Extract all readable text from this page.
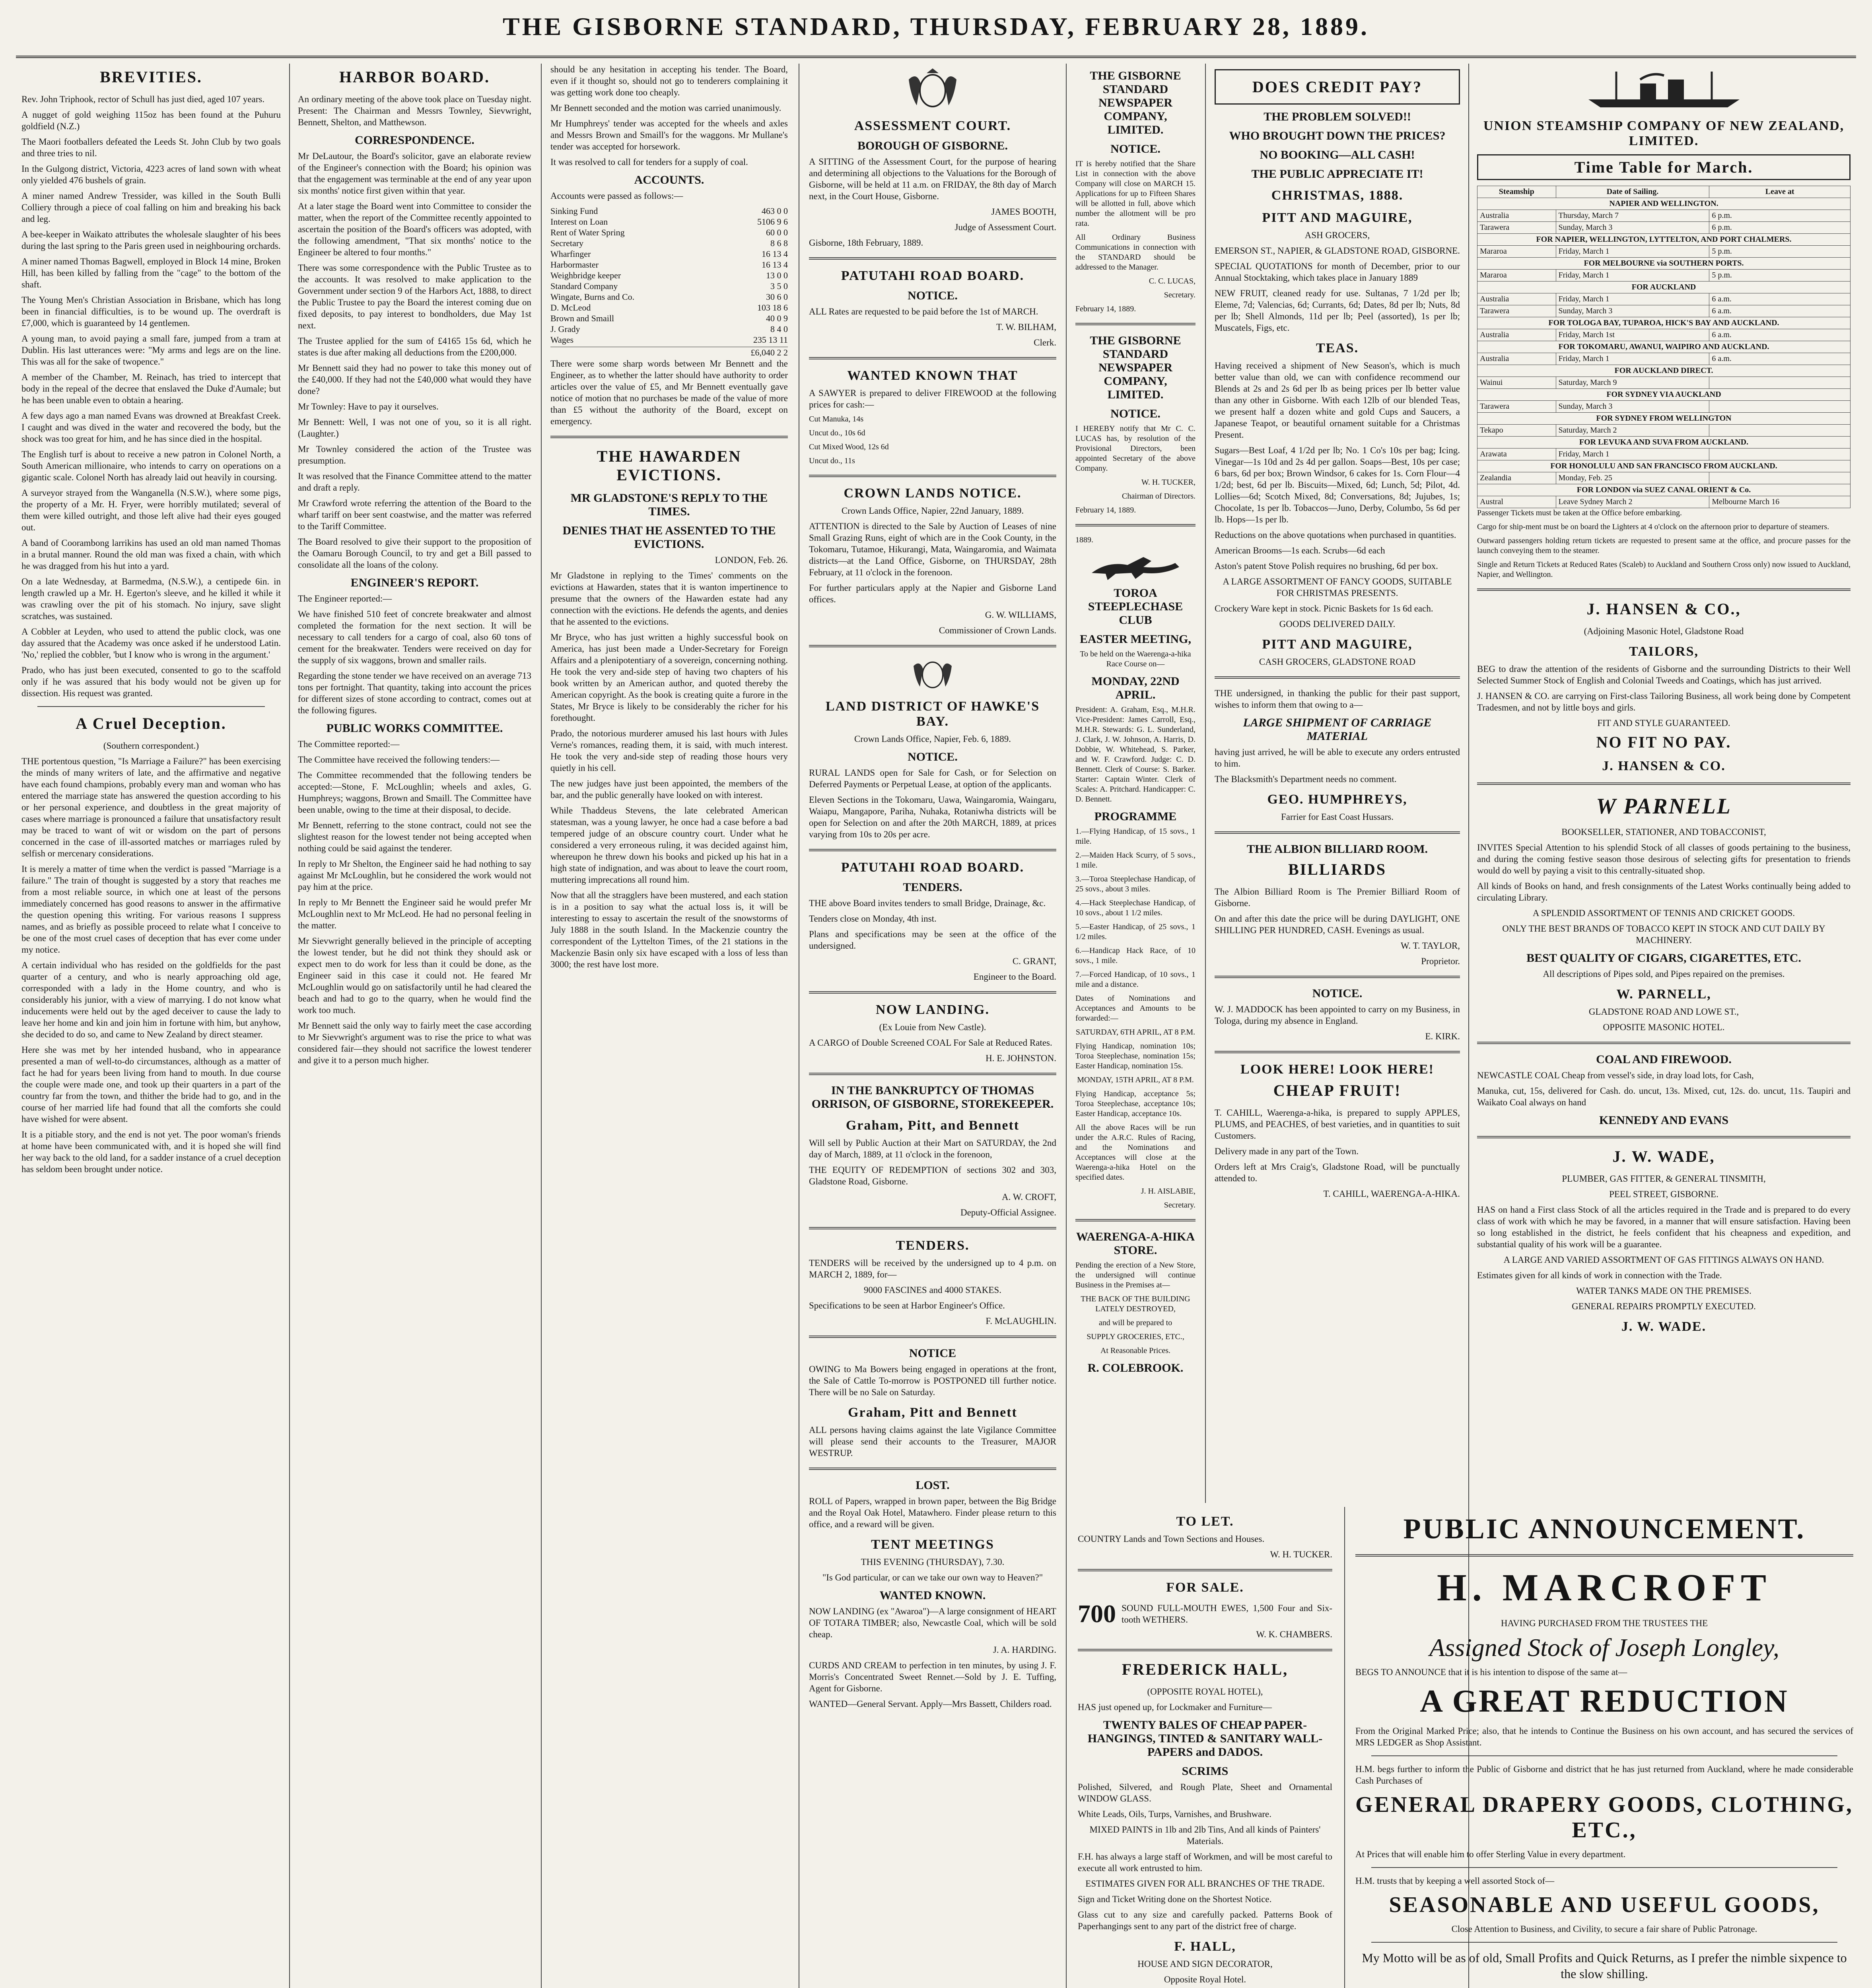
THE GISBORNE STANDARD, THURSDAY, FEBRUARY 28, 1889.
BREVITIES.

Rev. John Triphook, rector of Schull has just died, aged 107 years.

A nugget of gold weighing 115oz has been found at the Puhuru goldfield (N.Z.)

The Maori footballers defeated the Leeds St. John Club by two goals and three tries to nil.

In the Gulgong district, Victoria, 4223 acres of land sown with wheat only yielded 476 bushels of grain.

A miner named Andrew Tressider, was killed in the South Bulli Colliery through a piece of coal falling on him and breaking his back and leg.

A bee-keeper in Waikato attributes the wholesale slaughter of his bees during the last spring to the Paris green used in neighbouring orchards.

A miner named Thomas Bagwell, employed in Block 14 mine, Broken Hill, has been killed by falling from the "cage" to the bottom of the shaft.

The Young Men's Christian Association in Brisbane, which has long been in financial difficulties, is to be wound up. The overdraft is £7,000, which is guaranteed by 14 gentlemen.

A young man, to avoid paying a small fare, jumped from a tram at Dublin. His last utterances were: "My arms and legs are on the line. This was all for the sake of twopence."

A member of the Chamber, M. Reinach, has tried to intercept that body in the repeal of the decree that enslaved the Duke d'Aumale; but he has been unable even to obtain a hearing.

A few days ago a man named Evans was drowned at Breakfast Creek. I caught and was dived in the water and recovered the body, but the shock was too great for him, and he has since died in the hospital.

The English turf is about to receive a new patron in Colonel North, a South American millionaire, who intends to carry on operations on a gigantic scale. Colonel North has already laid out heavily in coursing.

A surveyor strayed from the Wanganella (N.S.W.), where some pigs, the property of a Mr. H. Fryer, were horribly mutilated; several of them were killed outright, and those left alive had their eyes gouged out.

A band of Coorambong larrikins has used an old man named Thomas in a brutal manner. Round the old man was fixed a chain, with which he was dragged from his hut into a yard.

On a late Wednesday, at Barmedma, (N.S.W.), a centipede 6in. in length crawled up a Mr. H. Egerton's sleeve, and he killed it while it was crawling over the pit of his stomach. No injury, save slight scratches, was sustained.

A Cobbler at Leyden, who used to attend the public clock, was one day assured that the Academy was once asked if he understood Latin. 'No,' replied the cobbler, 'but I know who is wrong in the argument.'

Prado, who has just been executed, consented to go to the scaffold only if he was assured that his body would not be given up for dissection. His request was granted.

A Cruel Deception.

(Southern correspondent.)

THE portentous question, "Is Marriage a Failure?" has been exercising the minds of many writers of late, and the affirmative and negative have each found champions, probably every man and woman who has entered the marriage state has answered the question according to his or her personal experience, and doubtless in the great majority of cases where marriage is pronounced a failure that unsatisfactory result may be traced to want of wit or wisdom on the part of persons concerned in the case of ill-assorted matches or marriages ruled by selfish or mercenary considerations.

It is merely a matter of time when the verdict is passed "Marriage is a failure." The train of thought is suggested by a story that reaches me from a most reliable source, in which one at least of the persons immediately concerned has good reasons to answer in the affirmative the question opening this writing. For various reasons I suppress names, and as briefly as possible proceed to relate what I conceive to be one of the most cruel cases of deception that has ever come under my notice.

A certain individual who has resided on the goldfields for the past quarter of a century, and who is nearly approaching old age, corresponded with a lady in the Home country, and who is considerably his junior, with a view of marrying. I do not know what inducements were held out by the aged deceiver to cause the lady to leave her home and kin and join him in fortune with him, but anyhow, she decided to do so, and came to New Zealand by direct steamer.

Here she was met by her intended husband, who in appearance presented a man of well-to-do circumstances, although as a matter of fact he had for years been living from hand to mouth. In due course the couple were made one, and took up their quarters in a part of the country far from the town, and thither the bride had to go, and in the course of her married life had found that all the comforts she could have wished for were absent.

It is a pitiable story, and the end is not yet. The poor woman's friends at home have been communicated with, and it is hoped she will find her way back to the old land, for a sadder instance of a cruel deception has seldom been brought under notice.

HARBOR BOARD.

An ordinary meeting of the above took place on Tuesday night. Present: The Chairman and Messrs Townley, Sievwright, Bennett, Shelton, and Matthewson.

CORRESPONDENCE.

Mr DeLautour, the Board's solicitor, gave an elaborate review of the Engineer's connection with the Board; his opinion was that the engagement was terminable at the end of any year upon six months' notice first given within that year.

At a later stage the Board went into Committee to consider the matter, when the report of the Committee recently appointed to ascertain the position of the Board's officers was adopted, with the following amendment, "That six months' notice to the Engineer be altered to four months."

There was some correspondence with the Public Trustee as to the accounts. It was resolved to make application to the Government under section 9 of the Harbors Act, 1888, to direct the Public Trustee to pay the Board the interest coming due on fixed deposits, to pay interest to bondholders, due May 1st next.

The Trustee applied for the sum of £4165 15s 6d, which he states is due after making all deductions from the £200,000.

Mr Bennett said they had no power to take this money out of the £40,000. If they had not the £40,000 what would they have done?

Mr Townley: Have to pay it ourselves.

Mr Bennett: Well, I was not one of you, so it is all right. (Laughter.)

Mr Townley considered the action of the Trustee was presumption.

It was resolved that the Finance Committee attend to the matter and draft a reply.

Mr Crawford wrote referring the attention of the Board to the wharf tariff on beer sent coastwise, and the matter was referred to the Tariff Committee.

The Board resolved to give their support to the proposition of the Oamaru Borough Council, to try and get a Bill passed to consolidate all the loans of the colony.

ENGINEER'S REPORT.

The Engineer reported:—

We have finished 510 feet of concrete breakwater and almost completed the formation for the next section. It will be necessary to call tenders for a cargo of coal, also 60 tons of cement for the breakwater. Tenders were received on day for the supply of six waggons, brown and smaller rails.

Regarding the stone tender we have received on an average 713 tons per fortnight. That quantity, taking into account the prices for different sizes of stone according to contract, comes out at the following figures.

PUBLIC WORKS COMMITTEE.

The Committee reported:—

The Committee have received the following tenders:—

The Committee recommended that the following tenders be accepted:—Stone, F. McLoughlin; wheels and axles, G. Humphreys; waggons, Brown and Smaill. The Committee have been unable, owing to the time at their disposal, to decide.

Mr Bennett, referring to the stone contract, could not see the slightest reason for the lowest tender not being accepted when nothing could be said against the tenderer.

In reply to Mr Shelton, the Engineer said he had nothing to say against Mr McLoughlin, but he considered the work would not pay him at the price.

In reply to Mr Bennett the Engineer said he would prefer Mr McLoughlin next to Mr McLeod. He had no personal feeling in the matter.

Mr Sievwright generally believed in the principle of accepting the lowest tender, but he did not think they should ask or expect men to do work for less than it could be done, as the Engineer said in this case it could not. He feared Mr McLoughlin would go on satisfactorily until he had cleared the beach and had to go to the quarry, when he would find the work too much.

Mr Bennett said the only way to fairly meet the case according to Mr Sievwright's argument was to rise the price to what was considered fair—they should not sacrifice the lowest tenderer and give it to a person much higher.

should be any hesitation in accepting his tender. The Board, even if it thought so, should not go to tenderers complaining it was getting work done too cheaply.

Mr Bennett seconded and the motion was carried unanimously.

Mr Humphreys' tender was accepted for the wheels and axles and Messrs Brown and Smaill's for the waggons. Mr Mullane's tender was accepted for horsework.

It was resolved to call for tenders for a supply of coal.

ACCOUNTS.

Accounts were passed as follows:—

Sinking Fund	463 0 0
Interest on Loan	5106 9 6
Rent of Water Spring	60 0 0
Secretary	8 6 8
Wharfinger	16 13 4
Harbormaster	16 13 4
Weighbridge keeper	13 0 0
Standard Company	3 5 0
Wingate, Burns and Co.	30 6 0
D. McLeod	103 18 6
Brown and Smaill	40 0 9
J. Grady	8 4 0
Wages	235 13 11
£6,040 2 2

There were some sharp words between Mr Bennett and the Engineer, as to whether the latter should have authority to order articles over the value of £5, and Mr Bennett eventually gave notice of motion that no purchases be made of the value of more than £5 without the authority of the Board, except on emergency.

THE HAWARDEN EVICTIONS.
MR GLADSTONE'S REPLY TO THE TIMES.
DENIES THAT HE ASSENTED TO THE EVICTIONS.

LONDON, Feb. 26.

Mr Gladstone in replying to the Times' comments on the evictions at Hawarden, states that it is wanton impertinence to presume that the owners of the Hawarden estate had any connection with the evictions. He defends the agents, and denies that he assented to the evictions.

Mr Bryce, who has just written a highly successful book on America, has just been made a Under-Secretary for Foreign Affairs and a plenipotentiary of a sovereign, concerning nothing. He took the very and-side step of having two chapters of his book written by an American author, and quoted thereby the American copyright. As the book is creating quite a furore in the States, Mr Bryce is likely to be considerably the richer for his forethought.

Prado, the notorious murderer amused his last hours with Jules Verne's romances, reading them, it is said, with much interest. He took the very and-side step of reading those hours very quietly in his cell.

The new judges have just been appointed, the members of the bar, and the public generally have looked on with interest.

While Thaddeus Stevens, the late celebrated American statesman, was a young lawyer, he once had a case before a bad tempered judge of an obscure country court. Under what he considered a very erroneous ruling, it was decided against him, whereupon he threw down his books and picked up his hat in a high state of indignation, and was about to leave the court room, muttering imprecations all round him.

Now that all the stragglers have been mustered, and each station is in a position to say what the actual loss is, it will be interesting to essay to ascertain the result of the snowstorms of July 1888 in the south Island. In the Mackenzie country the correspondent of the Lyttelton Times, of the 21 stations in the Mackenzie Basin only six have escaped with a loss of less than 3000; the rest have lost more.

ASSESSMENT COURT.
BOROUGH OF GISBORNE.

A SITTING of the Assessment Court, for the purpose of hearing and determining all objections to the Valuations for the Borough of Gisborne, will be held at 11 a.m. on FRIDAY, the 8th day of March next, in the Court House, Gisborne.

JAMES BOOTH,

Judge of Assessment Court.

Gisborne, 18th February, 1889.

PATUTAHI ROAD BOARD.
NOTICE.

ALL Rates are requested to be paid before the 1st of MARCH.

T. W. BILHAM,

Clerk.

WANTED KNOWN THAT

A SAWYER is prepared to deliver FIREWOOD at the following prices for cash:—

Cut Manuka, 14s

Uncut do., 10s 6d

Cut Mixed Wood, 12s 6d

Uncut do., 11s

CROWN LANDS NOTICE.

Crown Lands Office, Napier, 22nd January, 1889.

ATTENTION is directed to the Sale by Auction of Leases of nine Small Grazing Runs, eight of which are in the Cook County, in the Tokomaru, Tutamoe, Hikurangi, Mata, Waingaromia, and Waimata districts—at the Land Office, Gisborne, on THURSDAY, 28th February, at 11 o'clock in the forenoon.

For further particulars apply at the Napier and Gisborne Land offices.

G. W. WILLIAMS,

Commissioner of Crown Lands.

LAND DISTRICT OF HAWKE'S BAY.

Crown Lands Office, Napier, Feb. 6, 1889.

NOTICE.

RURAL LANDS open for Sale for Cash, or for Selection on Deferred Payments or Perpetual Lease, at option of the applicants.

Eleven Sections in the Tokomaru, Uawa, Waingaromia, Waingaru, Waiapu, Mangapore, Pariha, Nuhaka, Rotaniwha districts will be open for Selection on and after the 20th MARCH, 1889, at prices varying from 10s to 20s per acre.

PATUTAHI ROAD BOARD.
TENDERS.

THE above Board invites tenders to small Bridge, Drainage, &c.

Tenders close on Monday, 4th inst.

Plans and specifications may be seen at the office of the undersigned.

C. GRANT,

Engineer to the Board.

NOW LANDING.

(Ex Louie from New Castle).

A CARGO of Double Screened COAL For Sale at Reduced Rates.

H. E. JOHNSTON.

IN THE BANKRUPTCY OF THOMAS ORRISON, OF GISBORNE, STOREKEEPER.
Graham, Pitt, and Bennett

Will sell by Public Auction at their Mart on SATURDAY, the 2nd day of March, 1889, at 11 o'clock in the forenoon,

THE EQUITY OF REDEMPTION of sections 302 and 303, Gladstone Road, Gisborne.

A. W. CROFT,

Deputy-Official Assignee.

TENDERS.

TENDERS will be received by the undersigned up to 4 p.m. on MARCH 2, 1889, for—

9000 FASCINES and 4000 STAKES.

Specifications to be seen at Harbor Engineer's Office.

F. McLAUGHLIN.

NOTICE

OWING to Ma Bowers being engaged in operations at the front, the Sale of Cattle To-morrow is POSTPONED till further notice. There will be no Sale on Saturday.

Graham, Pitt and Bennett

ALL persons having claims against the late Vigilance Committee will please send their accounts to the Treasurer, MAJOR WESTRUP.

LOST.

ROLL of Papers, wrapped in brown paper, between the Big Bridge and the Royal Oak Hotel, Matawhero. Finder please return to this office, and a reward will be given.

TENT MEETINGS

THIS EVENING (THURSDAY), 7.30.

"Is God particular, or can we take our own way to Heaven?"

WANTED KNOWN.

NOW LANDING (ex "Awaroa")—A large consignment of HEART OF TOTARA TIMBER; also, Newcastle Coal, which will be sold cheap.

J. A. HARDING.

CURDS AND CREAM to perfection in ten minutes, by using J. F. Morris's Concentrated Sweet Rennet.—Sold by J. E. Tuffing, Agent for Gisborne.

WANTED—General Servant. Apply—Mrs Bassett, Childers road.

THE GISBORNE STANDARD NEWSPAPER COMPANY, LIMITED.
NOTICE.

IT is hereby notified that the Share List in connection with the above Company will close on MARCH 15. Applications for up to Fifteen Shares will be allotted in full, above which number the allotment will be pro rata.

All Ordinary Business Communications in connection with the STANDARD should be addressed to the Manager.

C. C. LUCAS,

Secretary.

February 14, 1889.

THE GISBORNE STANDARD NEWSPAPER COMPANY, LIMITED.
NOTICE.

I HEREBY notify that Mr C. C. LUCAS has, by resolution of the Provisional Directors, been appointed Secretary of the above Company.

W. H. TUCKER,

Chairman of Directors.

February 14, 1889.

1889.

TOROA STEEPLECHASE CLUB
EASTER MEETING,

To be held on the Waerenga-a-hika Race Course on—

MONDAY, 22ND APRIL.

President: A. Graham, Esq., M.H.R. Vice-President: James Carroll, Esq., M.H.R. Stewards: G. L. Sunderland, J. Clark, J. W. Johnson, A. Harris, D. Dobbie, W. Whitehead, S. Parker, and W. F. Crawford. Judge: C. D. Bennett. Clerk of Course: S. Barker. Starter: Captain Winter. Clerk of Scales: A. Pritchard. Handicapper: C. D. Bennett.

PROGRAMME

1.—Flying Handicap, of 15 sovs., 1 mile.

2.—Maiden Hack Scurry, of 5 sovs., 1 mile.

3.—Toroa Steeplechase Handicap, of 25 sovs., about 3 miles.

4.—Hack Steeplechase Handicap, of 10 sovs., about 1 1/2 miles.

5.—Easter Handicap, of 25 sovs., 1 1/2 miles.

6.—Handicap Hack Race, of 10 sovs., 1 mile.

7.—Forced Handicap, of 10 sovs., 1 mile and a distance.

Dates of Nominations and Acceptances and Amounts to be forwarded:—

SATURDAY, 6TH APRIL, AT 8 P.M.

Flying Handicap, nomination 10s; Toroa Steeplechase, nomination 15s; Easter Handicap, nomination 15s.

MONDAY, 15TH APRIL, AT 8 P.M.

Flying Handicap, acceptance 5s; Toroa Steeplechase, acceptance 10s; Easter Handicap, acceptance 10s.

All the above Races will be run under the A.R.C. Rules of Racing, and the Nominations and Acceptances will close at the Waerenga-a-hika Hotel on the specified dates.

J. H. AISLABIE,

Secretary.

WAERENGA-A-HIKA STORE.

Pending the erection of a New Store, the undersigned will continue Business in the Premises at—

THE BACK OF THE BUILDING LATELY DESTROYED,

and will be prepared to

SUPPLY GROCERIES, ETC.,

At Reasonable Prices.

R. COLEBROOK.
DOES CREDIT PAY?
THE PROBLEM SOLVED!!
WHO BROUGHT DOWN THE PRICES?
NO BOOKING—ALL CASH!
THE PUBLIC APPRECIATE IT!
CHRISTMAS, 1888.
PITT AND MAGUIRE,

ASH GROCERS,

EMERSON ST., NAPIER, & GLADSTONE ROAD, GISBORNE.

SPECIAL QUOTATIONS for month of December, prior to our Annual Stocktaking, which takes place in January 1889

NEW FRUIT, cleaned ready for use. Sultanas, 7 1/2d per lb; Eleme, 7d; Valencias, 6d; Currants, 6d; Dates, 8d per lb; Nuts, 8d per lb; Shell Almonds, 11d per lb; Peel (assorted), 1s per lb; Muscatels, Figs, etc.

TEAS.

Having received a shipment of New Season's, which is much better value than old, we can with confidence recommend our Blends at 2s and 2s 6d per lb as being prices per lb better value than any other in Gisborne. With each 12lb of our blended Teas, we present half a dozen white and gold Cups and Saucers, a Japanese Teapot, or beautiful ornament suitable for a Christmas Present.

Sugars—Best Loaf, 4 1/2d per lb; No. 1 Co's 10s per bag; Icing. Vinegar—1s 10d and 2s 4d per gallon. Soaps—Best, 10s per case; 6 bars, 6d per box; Brown Windsor, 6 cakes for 1s. Corn Flour—4 1/2d; best, 6d per lb. Biscuits—Mixed, 6d; Lunch, 5d; Pilot, 4d. Lollies—6d; Scotch Mixed, 8d; Conversations, 8d; Jujubes, 1s; Chocolate, 1s per lb. Tobaccos—Juno, Derby, Columbo, 5s 6d per lb. Hops—1s per lb.

Reductions on the above quotations when purchased in quantities.

American Brooms—1s each. Scrubs—6d each

Aston's patent Stove Polish requires no brushing, 6d per box.

A LARGE ASSORTMENT OF FANCY GOODS, SUITABLE FOR CHRISTMAS PRESENTS.

Crockery Ware kept in stock. Picnic Baskets for 1s 6d each.

GOODS DELIVERED DAILY.

PITT AND MAGUIRE,

CASH GROCERS, GLADSTONE ROAD

THE undersigned, in thanking the public for their past support, wishes to inform them that owing to a—

LARGE SHIPMENT OF CARRIAGE MATERIAL

having just arrived, he will be able to execute any orders entrusted to him.

The Blacksmith's Department needs no comment.

GEO. HUMPHREYS,

Farrier for East Coast Hussars.

THE ALBION BILLIARD ROOM.
BILLIARDS

The Albion Billiard Room is The Premier Billiard Room of Gisborne.

On and after this date the price will be during DAYLIGHT, ONE SHILLING PER HUNDRED, CASH. Evenings as usual.

W. T. TAYLOR,

Proprietor.

NOTICE.

W. J. MADDOCK has been appointed to carry on my Business, in Tologa, during my absence in England.

E. KIRK.

LOOK HERE! LOOK HERE!
CHEAP FRUIT!

T. CAHILL, Waerenga-a-hika, is prepared to supply APPLES, PLUMS, and PEACHES, of best varieties, and in quantities to suit Customers.

Delivery made in any part of the Town.

Orders left at Mrs Craig's, Gladstone Road, will be punctually attended to.

T. CAHILL, WAERENGA-A-HIKA.

UNION STEAMSHIP COMPANY OF NEW ZEALAND, LIMITED.
Time Table for March.
Steamship	Date of Sailing.	Leave at
NAPIER AND WELLINGTON.		
Australia	Thursday, March 7	6 p.m.
Tarawera	Sunday, March 3	6 p.m.
FOR NAPIER, WELLINGTON, LYTTELTON, AND PORT CHALMERS.		
Mararoa	Friday, March 1	5 p.m.
FOR MELBOURNE via SOUTHERN PORTS.		
Mararoa	Friday, March 1	5 p.m.
FOR AUCKLAND		
Australia	Friday, March 1	6 a.m.
Tarawera	Sunday, March 3	6 a.m.
FOR TOLOGA BAY, TUPAROA, HICK'S BAY AND AUCKLAND.		
Australia	Friday, March 1st	6 a.m.
FOR TOKOMARU, AWANUI, WAIPIRO AND AUCKLAND.		
Australia	Friday, March 1	6 a.m.
FOR AUCKLAND DIRECT.		
Wainui	Saturday, March 9	
FOR SYDNEY VIA AUCKLAND		
Tarawera	Sunday, March 3	
FOR SYDNEY FROM WELLINGTON		
Tekapo	Saturday, March 2	
FOR LEVUKA AND SUVA FROM AUCKLAND.		
Arawata	Friday, March 1	
FOR HONOLULU AND SAN FRANCISCO FROM AUCKLAND.		
Zealandia	Monday, Feb. 25	
FOR LONDON via SUEZ CANAL ORIENT & Co.		
Austral	Leave Sydney March 2	Melbourne March 16

Passenger Tickets must be taken at the Office before embarking.

Cargo for ship-ment must be on board the Lighters at 4 o'clock on the afternoon prior to departure of steamers.

Outward passengers holding return tickets are requested to present same at the office, and procure passes for the launch conveying them to the steamer.

Single and Return Tickets at Reduced Rates (Scaleb) to Auckland and Southern Cross only) now issued to Auckland, Napier, and Wellington.

J. HANSEN & CO.,

(Adjoining Masonic Hotel, Gladstone Road

TAILORS,

BEG to draw the attention of the residents of Gisborne and the surrounding Districts to their Well Selected Summer Stock of English and Colonial Tweeds and Coatings, which has just arrived.

J. HANSEN & CO. are carrying on First-class Tailoring Business, all work being done by Competent Tradesmen, and not by little boys and girls.

FIT AND STYLE GUARANTEED.

NO FIT NO PAY.
J. HANSEN & CO.
W PARNELL

BOOKSELLER, STATIONER, AND TOBACCONIST,

INVITES Special Attention to his splendid Stock of all classes of goods pertaining to the business, and during the coming festive season those desirous of selecting gifts for presentation to friends would do well by paying a visit to this centrally-situated shop.

All kinds of Books on hand, and fresh consignments of the Latest Works continually being added to circulating Library.

A SPLENDID ASSORTMENT OF TENNIS AND CRICKET GOODS.

ONLY THE BEST BRANDS OF TOBACCO KEPT IN STOCK AND CUT DAILY BY MACHINERY.

BEST QUALITY OF CIGARS, CIGARETTES, ETC.

All descriptions of Pipes sold, and Pipes repaired on the premises.

W. PARNELL,

GLADSTONE ROAD AND LOWE ST.,

OPPOSITE MASONIC HOTEL.

COAL AND FIREWOOD.

NEWCASTLE COAL Cheap from vessel's side, in dray load lots, for Cash,

Manuka, cut, 15s, delivered for Cash. do. uncut, 13s. Mixed, cut, 12s. do. uncut, 11s. Taupiri and Waikato Coal always on hand

KENNEDY AND EVANS
J. W. WADE,

PLUMBER, GAS FITTER, & GENERAL TINSMITH,

PEEL STREET, GISBORNE.

HAS on hand a First class Stock of all the articles required in the Trade and is prepared to do every class of work with which he may be favored, in a manner that will ensure satisfaction. Having been so long established in the district, he feels confident that his cheapness and expedition, and substantial quality of his work will be a guarantee.

A LARGE AND VARIED ASSORTMENT OF GAS FITTINGS ALWAYS ON HAND.

Estimates given for all kinds of work in connection with the Trade.

WATER TANKS MADE ON THE PREMISES.

GENERAL REPAIRS PROMPTLY EXECUTED.

J. W. WADE.
TO LET.

COUNTRY Lands and Town Sections and Houses.

W. H. TUCKER.

FOR SALE.
700 SOUND FULL-MOUTH EWES, 1,500 Four and Six-tooth WETHERS.

W. K. CHAMBERS.

FREDERICK HALL,

(OPPOSITE ROYAL HOTEL),

HAS just opened up, for Lockmaker and Furniture—

TWENTY BALES OF CHEAP PAPER-HANGINGS, TINTED & SANITARY WALL-PAPERS and DADOS.
SCRIMS

Polished, Silvered, and Rough Plate, Sheet and Ornamental WINDOW GLASS.

White Leads, Oils, Turps, Varnishes, and Brushware.

MIXED PAINTS in 1lb and 2lb Tins, And all kinds of Painters' Materials.

F.H. has always a large staff of Workmen, and will be most careful to execute all work entrusted to him.

ESTIMATES GIVEN FOR ALL BRANCHES OF THE TRADE.

Sign and Ticket Writing done on the Shortest Notice.

Glass cut to any size and carefully packed. Patterns Book of Paperhangings sent to any part of the district free of charge.

F. HALL,

HOUSE AND SIGN DECORATOR,

Opposite Royal Hotel.

PUBLIC ANNOUNCEMENT.
H. MARCROFT

HAVING PURCHASED FROM THE TRUSTEES THE

Assigned Stock of Joseph Longley,

BEGS TO ANNOUNCE that it is his intention to dispose of the same at—

A GREAT REDUCTION

From the Original Marked Price; also, that he intends to Continue the Business on his own account, and has secured the services of MRS LEDGER as Shop Assistant.

H.M. begs further to inform the Public of Gisborne and district that he has just returned from Auckland, where he made considerable Cash Purchases of

GENERAL DRAPERY GOODS, CLOTHING, ETC.,

At Prices that will enable him to offer Sterling Value in every department.

H.M. trusts that by keeping a well assorted Stock of—

SEASONABLE AND USEFUL GOODS,

Close Attention to Business, and Civility, to secure a fair share of Public Patronage.

My Motto will be as of old, Small Profits and Quick Returns, as I prefer the nimble sixpence to the slow shilling.
